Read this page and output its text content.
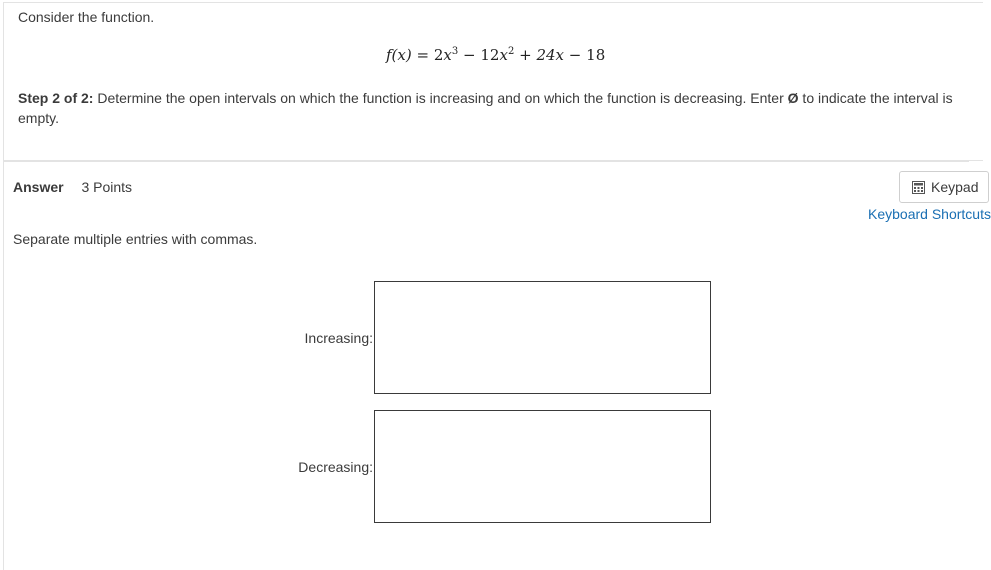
Consider the function.
$f(x) = 2x^3 - 12x^2 + 24x - 18$
Step 2 of 2: Determine the open intervals on which the function is increasing and on which the function is decreasing. Enter Ø to indicate the interval is empty.
Answer 3 Points	Keypad
Keyboard Shortcuts
Separate multiple entries with commas.
Increasing:
Decreasing:
